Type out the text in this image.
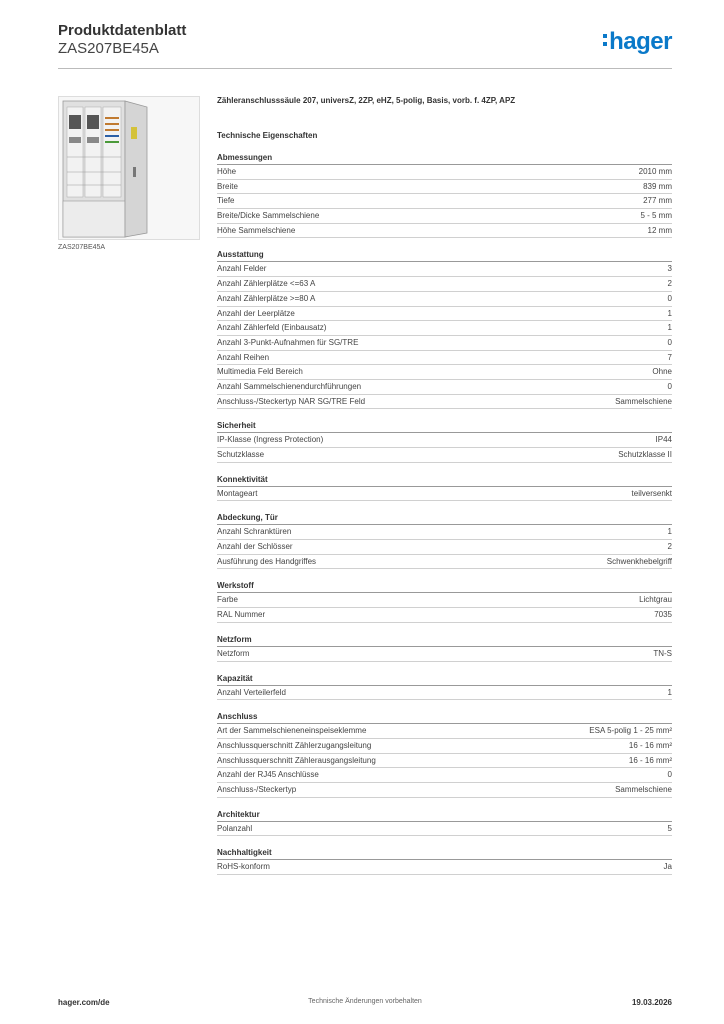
Produktdatenblatt
ZAS207BE45A	hager
ZAS207BE45A
Zähleranschlusssäule 207, universZ, 2ZP, eHZ, 5-polig, Basis, vorb. f. 4ZP, APZ
Technische Eigenschaften
Abmessungen
Höhe	2010 mm
Breite	839 mm
Tiefe	277 mm
Breite/Dicke Sammelschiene	5 - 5 mm
Höhe Sammelschiene	12 mm
Ausstattung
Anzahl Felder	3
Anzahl Zählerplätze <=63 A	2
Anzahl Zählerplätze >=80 A	0
Anzahl der Leerplätze	1
Anzahl Zählerfeld (Einbausatz)	1
Anzahl 3-Punkt-Aufnahmen für SG/TRE	0
Anzahl Reihen	7
Multimedia Feld Bereich	Ohne
Anzahl Sammelschienendurchführungen	0
Anschluss-/Steckertyp NAR SG/TRE Feld	Sammelschiene
Sicherheit
IP-Klasse (Ingress Protection)	IP44
Schutzklasse	Schutzklasse II
Konnektivität
Montageart	teilversenkt
Abdeckung, Tür
Anzahl Schranktüren	1
Anzahl der Schlösser	2
Ausführung des Handgriffes	Schwenkhebelgriff
Werkstoff
Farbe	Lichtgrau
RAL Nummer	7035
Netzform
Netzform	TN-S
Kapazität
Anzahl Verteilerfeld	1
Anschluss
Art der Sammelschieneneinspeiseklemme	ESA 5-polig 1 - 25 mm²
Anschlussquerschnitt Zählerzugangsleitung	16 - 16 mm²
Anschlussquerschnitt Zählerausgangsleitung	16 - 16 mm²
Anzahl der RJ45 Anschlüsse	0
Anschluss-/Steckertyp	Sammelschiene
Architektur
Polanzahl	5
Nachhaltigkeit
RoHS-konform	Ja
hager.com/de	Technische Änderungen vorbehalten	19.03.2026
